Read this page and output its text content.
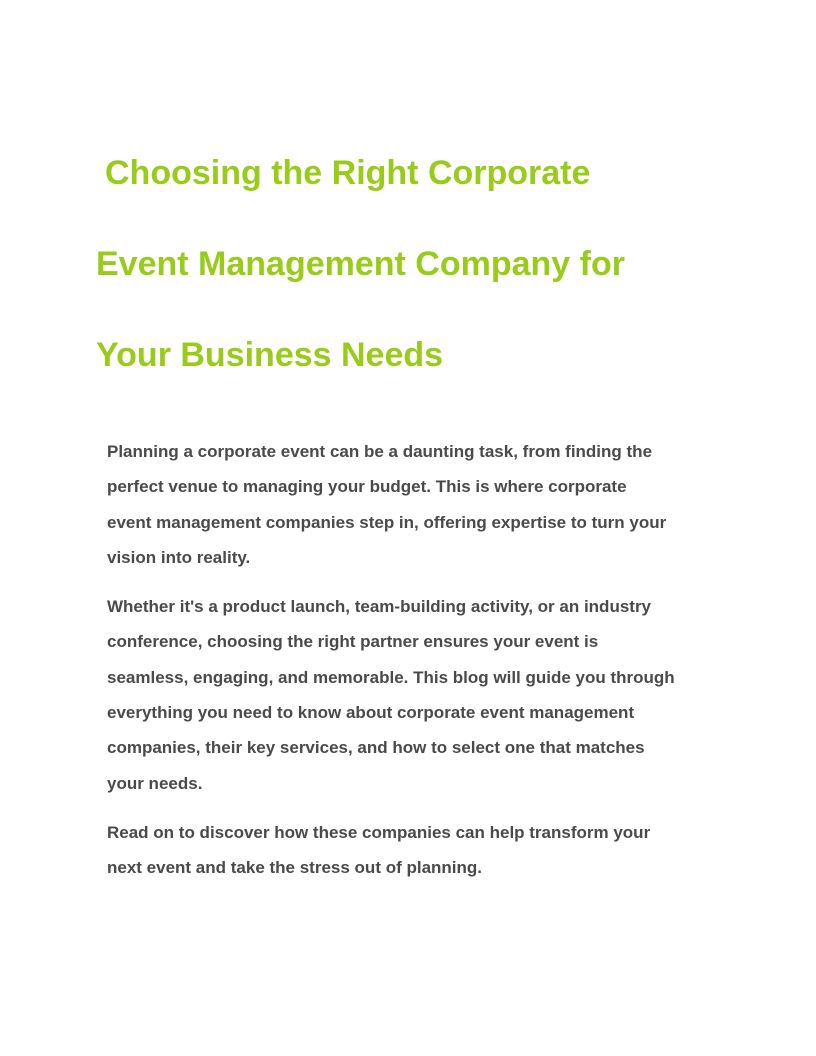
Choosing the Right Corporate
Event Management Company for
Your Business Needs

Planning a corporate event can be a daunting task, from finding the
perfect venue to managing your budget. This is where corporate
event management companies step in, offering expertise to turn your
vision into reality.

Whether it's a product launch, team-building activity, or an industry
conference, choosing the right partner ensures your event is
seamless, engaging, and memorable. This blog will guide you through
everything you need to know about corporate event management
companies, their key services, and how to select one that matches
your needs.

Read on to discover how these companies can help transform your
next event and take the stress out of planning.
